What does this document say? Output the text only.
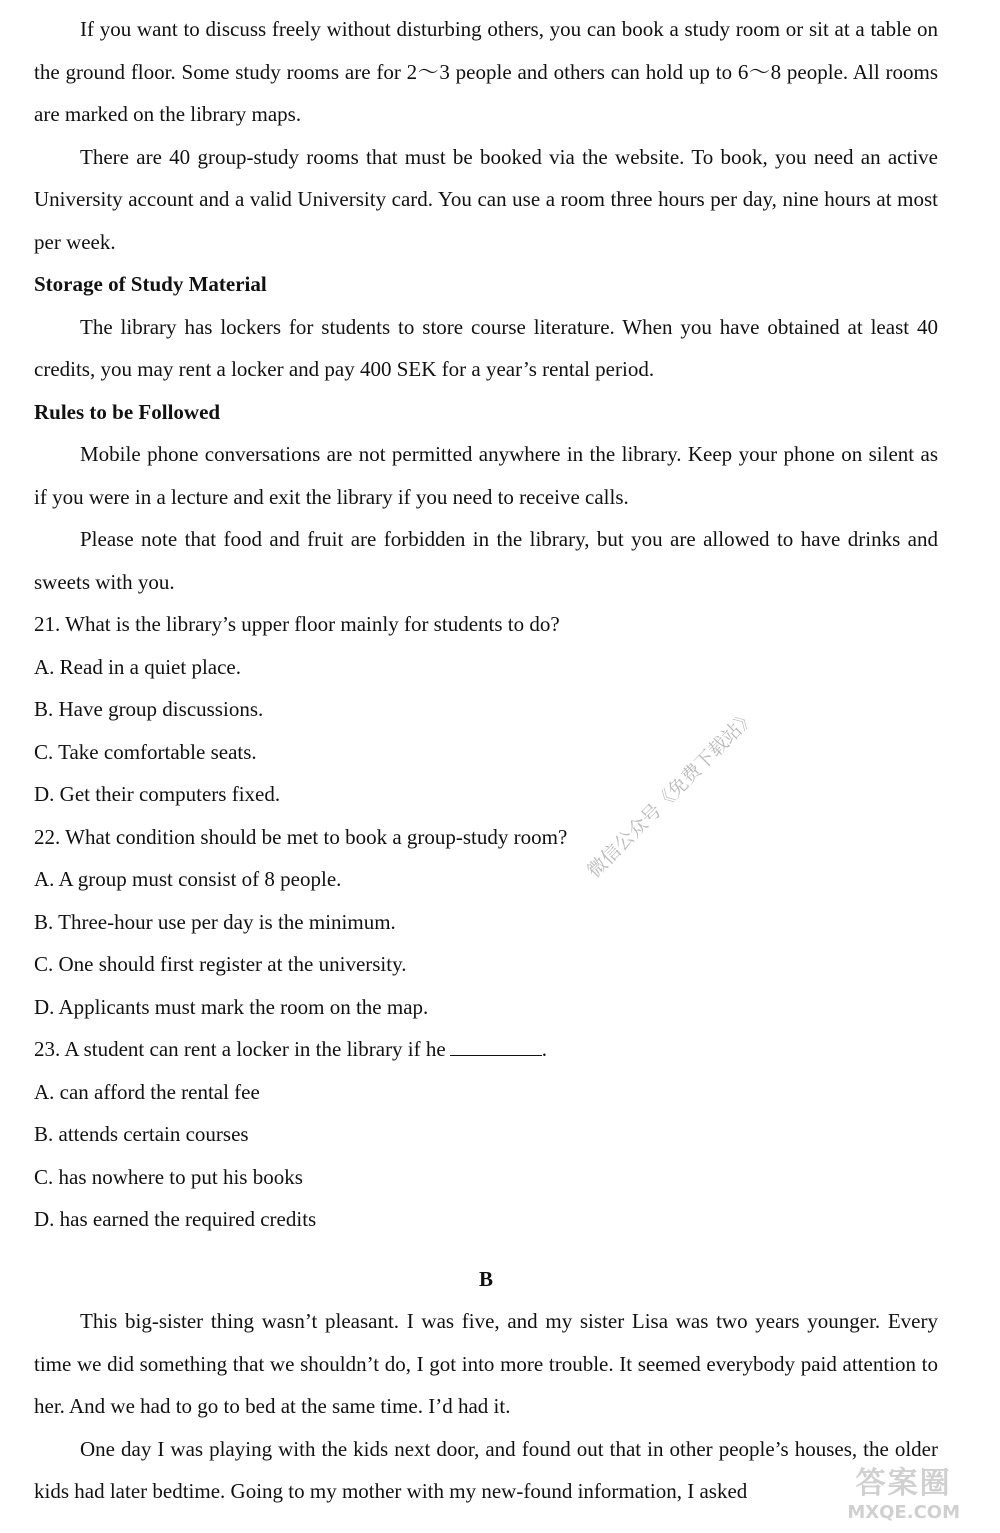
If you want to discuss freely without disturbing others, you can book a study room or sit at a table on the ground floor. Some study rooms are for 2～3 people and others can hold up to 6～8 people. All rooms are marked on the library maps.

There are 40 group-study rooms that must be booked via the website. To book, you need an active University account and a valid University card. You can use a room three hours per day, nine hours at most per week.

Storage of Study Material

The library has lockers for students to store course literature. When you have obtained at least 40 credits, you may rent a locker and pay 400 SEK for a year’s rental period.

Rules to be Followed

Mobile phone conversations are not permitted anywhere in the library. Keep your phone on silent as if you were in a lecture and exit the library if you need to receive calls.

Please note that food and fruit are forbidden in the library, but you are allowed to have drinks and sweets with you.

21. What is the library’s upper floor mainly for students to do?

A. Read in a quiet place.

B. Have group discussions.

C. Take comfortable seats.

D. Get their computers fixed.

22. What condition should be met to book a group-study room?

A. A group must consist of 8 people.

B. Three-hour use per day is the minimum.

C. One should first register at the university.

D. Applicants must mark the room on the map.

23. A student can rent a locker in the library if he	.

A. can afford the rental fee

B. attends certain courses

C. has nowhere to put his books

D. has earned the required credits

B

This big-sister thing wasn’t pleasant. I was five, and my sister Lisa was two years younger. Every time we did something that we shouldn’t do, I got into more trouble. It seemed everybody paid attention to her. And we had to go to bed at the same time. I’d had it.

One day I was playing with the kids next door, and found out that in other people’s houses, the older kids had later bedtime. Going to my mother with my new-found information, I asked

微信公众号《免费下载站》
答案圈
MXQE.COM
